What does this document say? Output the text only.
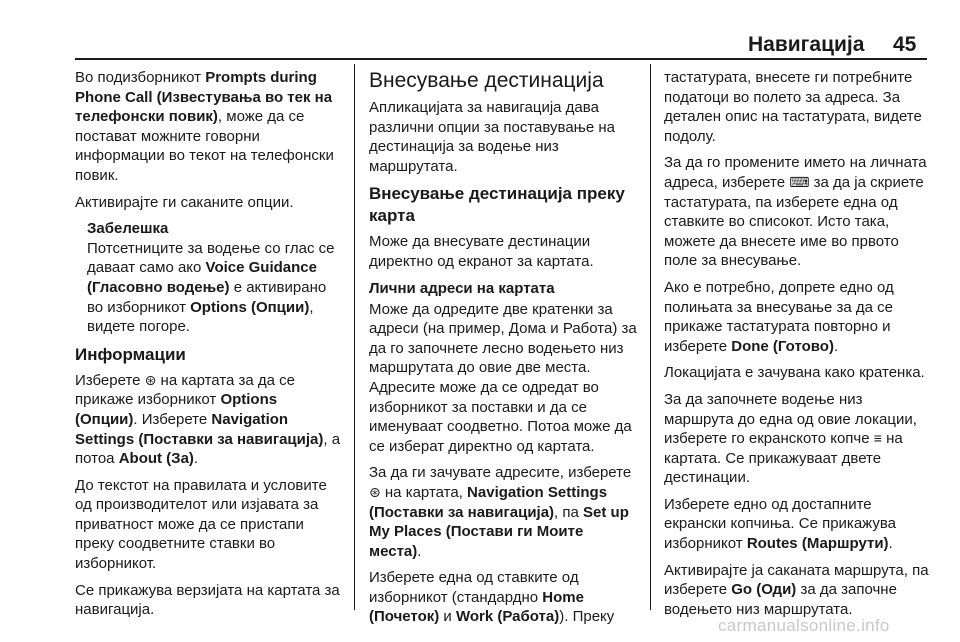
Навигација 45

Во подизборникот Prompts during Phone Call (Известувања во тек на телефонски повик), може да се постават можните говорни информации во текот на телефонски повик.

Активирајте ги саканите опции.

Забелешка

Потсетниците за водење со глас се даваат само ако Voice Guidance (Гласовно водење) е активирано во изборникот Options (Опции), видете погоре.

Информации

Изберете ⊛ на картата за да се прикаже изборникот Options (Опции). Изберете Navigation Settings (Поставки за навигација), а потоа About (За).

До текстот на правилата и условите од производителот или изјавата за приватност може да се пристапи преку соодветните ставки во изборникот.

Се прикажува верзијата на картата за навигација.

Внесување дестинација

Апликацијата за навигација дава различни опции за поставување на дестинација за водење низ маршрутата.

Внесување дестинација преку карта

Може да внесувате дестинации директно од екранот за картата.

Лични адреси на картата

Може да одредите две кратенки за адреси (на пример, Дома и Работа) за да го започнете лесно водењето низ маршрутата до овие две места. Адресите може да се одредат во изборникот за поставки и да се именуваат соодветно. Потоа може да се изберат директно од картата.

За да ги зачувате адресите, изберете ⊛ на картата, Navigation Settings (Поставки за навигација), па Set up My Places (Постави ги Моите места).

Изберете една од ставките од изборникот (стандардно Home (Почеток) и Work (Работа)). Преку

тастатурата, внесете ги потребните податоци во полето за адреса. За детален опис на тастатурата, видете подолу.

За да го промените името на личната адреса, изберете ⌨ за да ја скриете тастатурата, па изберете една од ставките во списокот. Исто така, можете да внесете име во првото поле за внесување.

Ако е потребно, допрете едно од полињата за внесување за да се прикаже тастатурата повторно и изберете Done (Готово).

Локацијата е зачувана како кратенка.

За да започнете водење низ маршрута до една од овие локации, изберете го екранското копче ≡ на картата. Се прикажуваат двете дестинации.

Изберете едно од достапните екрански копчиња. Се прикажува изборникот Routes (Маршрути).

Активирајте ја саканата маршрута, па изберете Go (Оди) за да започне водењето низ маршрутата.

carmanualsonline.info
